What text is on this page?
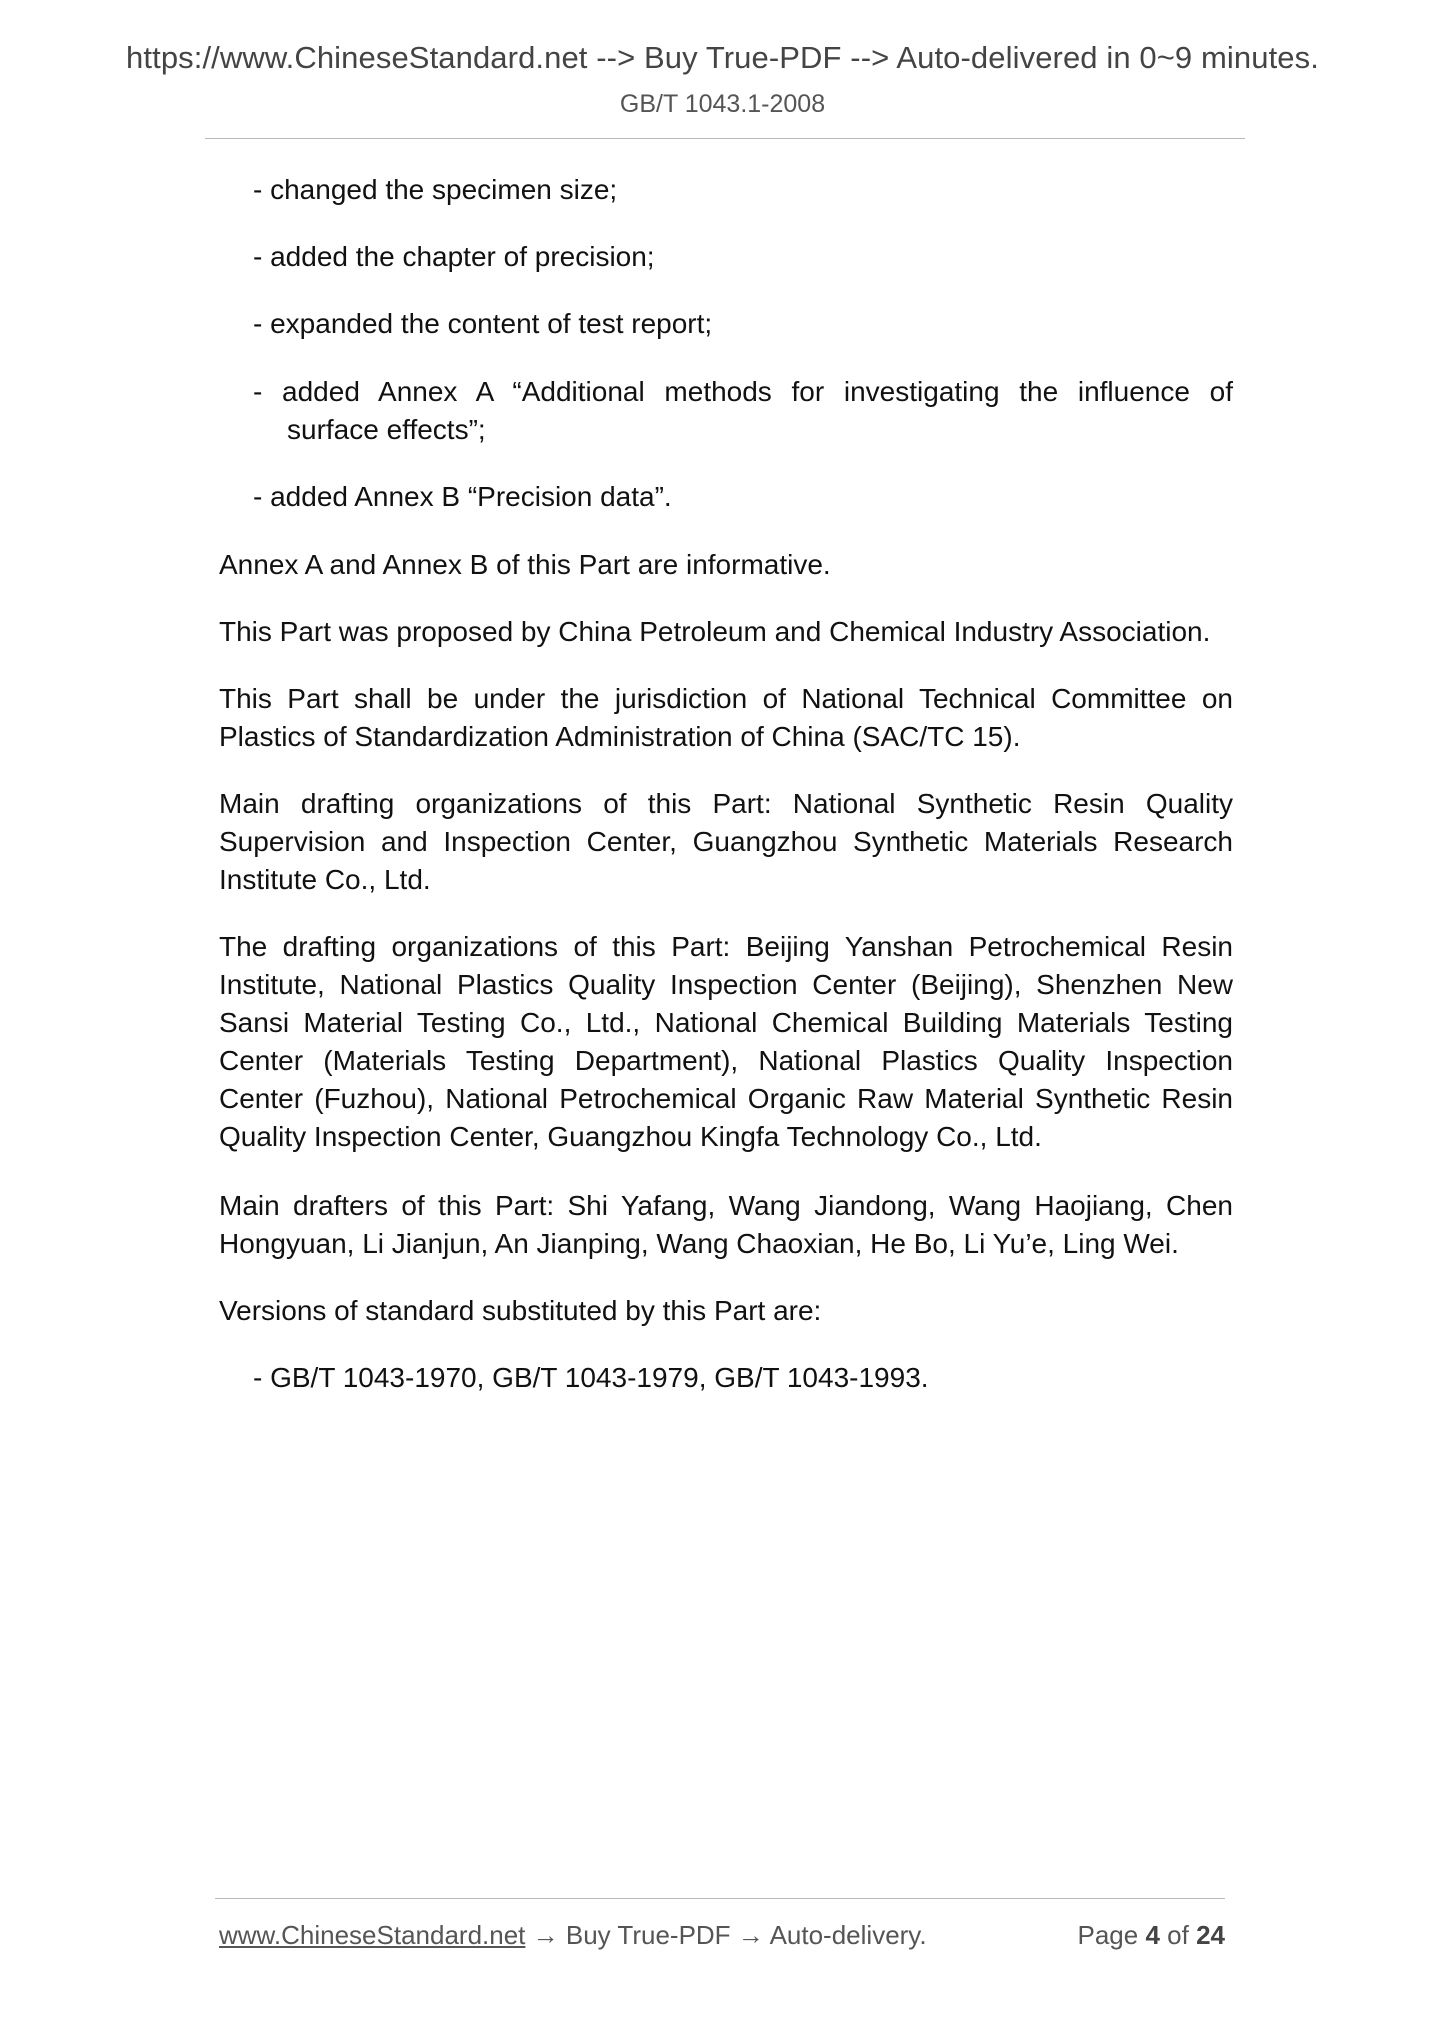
https://www.ChineseStandard.net --> Buy True-PDF --> Auto-delivered in 0~9 minutes.
GB/T 1043.1-2008

- changed the specimen size;

- added the chapter of precision;

- expanded the content of test report;

- added Annex A “Additional methods for investigating the influence of
surface effects”;

- added Annex B “Precision data”.

Annex A and Annex B of this Part are informative.

This Part was proposed by China Petroleum and Chemical Industry Association.

This Part shall be under the jurisdiction of National Technical Committee on Plastics of Standardization Administration of China (SAC/TC 15).

Main drafting organizations of this Part: National Synthetic Resin Quality Supervision and Inspection Center, Guangzhou Synthetic Materials Research Institute Co., Ltd.

The drafting organizations of this Part: Beijing Yanshan Petrochemical Resin Institute, National Plastics Quality Inspection Center (Beijing), Shenzhen New Sansi Material Testing Co., Ltd., National Chemical Building Materials Testing Center (Materials Testing Department), National Plastics Quality Inspection Center (Fuzhou), National Petrochemical Organic Raw Material Synthetic Resin Quality Inspection Center, Guangzhou Kingfa Technology Co., Ltd.

Main drafters of this Part: Shi Yafang, Wang Jiandong, Wang Haojiang, Chen Hongyuan, Li Jianjun, An Jianping, Wang Chaoxian, He Bo, Li Yu’e, Ling Wei.

Versions of standard substituted by this Part are:

- GB/T 1043-1970, GB/T 1043-1979, GB/T 1043-1993.

www.ChineseStandard.net → Buy True-PDF → Auto-delivery.	Page 4 of 24
